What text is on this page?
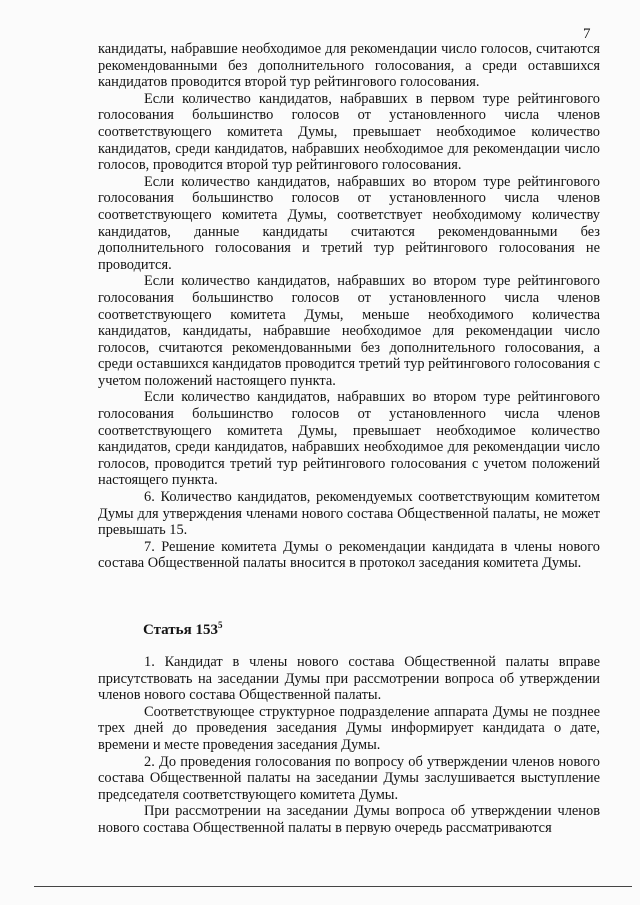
7

кандидаты, набравшие необходимое для рекомендации число голосов, считаются рекомендованными без дополнительного голосования, а среди оставшихся кандидатов проводится второй тур рейтингового голосования.

Если количество кандидатов, набравших в первом туре рейтингового голосования большинство голосов от установленного числа членов соответствующего комитета Думы, превышает необходимое количество кандидатов, среди кандидатов, набравших необходимое для рекомендации число голосов, проводится второй тур рейтингового голосования.

Если количество кандидатов, набравших во втором туре рейтингового голосования большинство голосов от установленного числа членов соответствующего комитета Думы, соответствует необходимому количеству кандидатов, данные кандидаты считаются рекомендованными без дополнительного голосования и третий тур рейтингового голосования не проводится.

Если количество кандидатов, набравших во втором туре рейтингового голосования большинство голосов от установленного числа членов соответствующего комитета Думы, меньше необходимого количества кандидатов, кандидаты, набравшие необходимое для рекомендации число голосов, считаются рекомендованными без дополнительного голосования, а среди оставшихся кандидатов проводится третий тур рейтингового голосования с учетом положений настоящего пункта.

Если количество кандидатов, набравших во втором туре рейтингового голосования большинство голосов от установленного числа членов соответствующего комитета Думы, превышает необходимое количество кандидатов, среди кандидатов, набравших необходимое для рекомендации число голосов, проводится третий тур рейтингового голосования с учетом положений настоящего пункта.

6. Количество кандидатов, рекомендуемых соответствующим комитетом Думы для утверждения членами нового состава Общественной палаты, не может превышать 15.

7. Решение комитета Думы о рекомендации кандидата в члены нового состава Общественной палаты вносится в протокол заседания комитета Думы.

Статья $153^5$

1. Кандидат в члены нового состава Общественной палаты вправе присутствовать на заседании Думы при рассмотрении вопроса об утверждении членов нового состава Общественной палаты.

Соответствующее структурное подразделение аппарата Думы не позднее трех дней до проведения заседания Думы информирует кандидата о дате, времени и месте проведения заседания Думы.

2. До проведения голосования по вопросу об утверждении членов нового состава Общественной палаты на заседании Думы заслушивается выступление председателя соответствующего комитета Думы.

При рассмотрении на заседании Думы вопроса об утверждении членов нового состава Общественной палаты в первую очередь рассматриваются
